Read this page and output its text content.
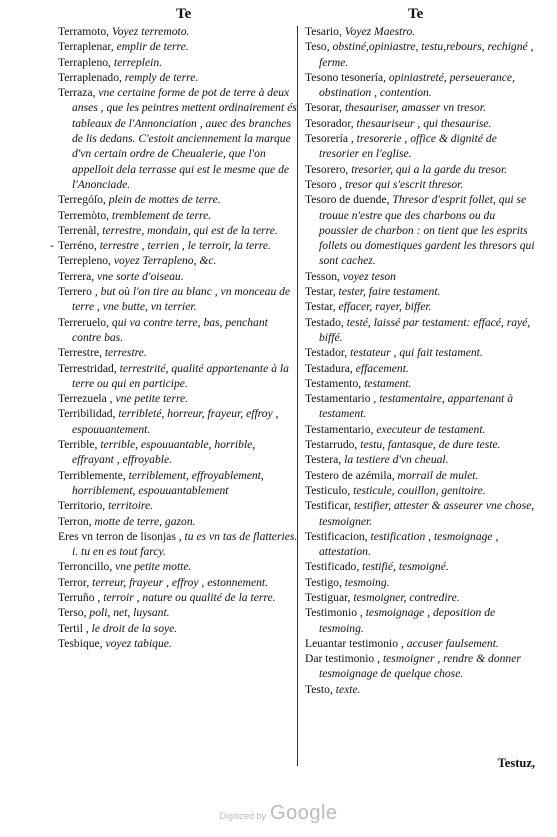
Te	Te

Terramoto, Voyez terremoto.

Terraplenar, emplir de terre.

Terrapleno, terreplein.

Terraplenado, remply de terre.

Terraza, vne certaine forme de pot de terre à deux anses , que les peintres mettent ordinairement és tableaux de l'Annonciation , auec des branches de lis dedans. C'estoit anciennement la marque d'vn certain ordre de Cheualerie, que l'on appelloit dela terrasse qui est le mesme que de l'Anonciade.

Terregóſo, plein de mottes de terre.

Terremòto, tremblement de terre.

Terrenàl, terrestre, mondain, qui est de la terre.

- Terréno, terrestre , terrien , le terroir, la terre.

Terrepleno, voyez Terrapleno, &c.

Terrera, vne sorte d'oiseau.

Terrero , but où l'on tire au blanc , vn monceau de terre , vne butte, vn terrier.

Terreruelo, qui va contre terre, bas, penchant contre bas.

Terrestre, terrestre.

Terrestridad, terrestrité, qualité appartenante à la terre ou qui en participe.

Terrezuela , vne petite terre.

Terribilidad, terribleté, horreur, frayeur, effroy , espouuantement.

Terrible, terrible, espouuantable, horrible, effrayant , effroyable.

Terriblemente, terriblement, effroyablement, horriblement, espouuantablement

Territorio, territoire.

Terron, motte de terre, gazon.

Eres vn terron de lisonjas , tu es vn tas de flatteries. i. tu en es tout farcy.

Terroncillo, vne petite motte.

Terror, terreur, frayeur , effroy , estonnement.

Terruño , terroir , nature ou qualité de la terre.

Terso, poli, net, luysant.

Tertil , le droit de la soye.

Tesbique, voyez tabique.

Tesario, Voyez Maestro.

Teso, obstiné,opiniastre, testu,rebours, rechigné , ferme.

Tesono tesonería, opiniastreté, perseuerance, obstination , contention.

Tesorar, thesauriser, amasser vn tresor.

Tesorador, thesauriseur , qui thesaurise.

Tesorería , tresorerie , office & dignité de tresorier en l'eglise.

Tesorero, tresorier, qui a la garde du tresor.

Tesoro , tresor qui s'escrit thresor.

Tesoro de duende, Thresor d'esprit follet, qui se trouue n'estre que des charbons ou du poussier de charbon : on tient que les esprits follets ou domestiques gardent les thresors qui sont cachez.

Tesson, voyez teson

Testar, tester, faire testament.

Testar, effacer, rayer, biffer.

Testado, testé, laissé par testament: effacé, rayé, biffé.

Testador, testateur , qui fait testament.

Testadura, effacement.

Testamento, testament.

Testamentario , testamentaire, appartenant à testament.

Testamentario, executeur de testament.

Testarrudo, testu, fantasque, de dure teste.

Testera, la testiere d'vn cheual.

Testero de azémila, morrail de mulet.

Testiculo, testicule, couillon, genitoire.

Testificar, testifier, attester & asseurer vne chose, tesmoigner.

Testificacion, testification , tesmoignage , attestation.

Testificado, testifié, tesmoigné.

Testigo, tesmoing.

Testiguar, tesmoigner, contredire.

Testimonio , tesmoignage , deposition de tesmoing.

Leuantar testimonio , accuser faulsement.

Dar testimonio , tesmoigner , rendre & donner tesmoignage de quelque chose.

Testo, texte.

Testuz,
Digitized by Google
